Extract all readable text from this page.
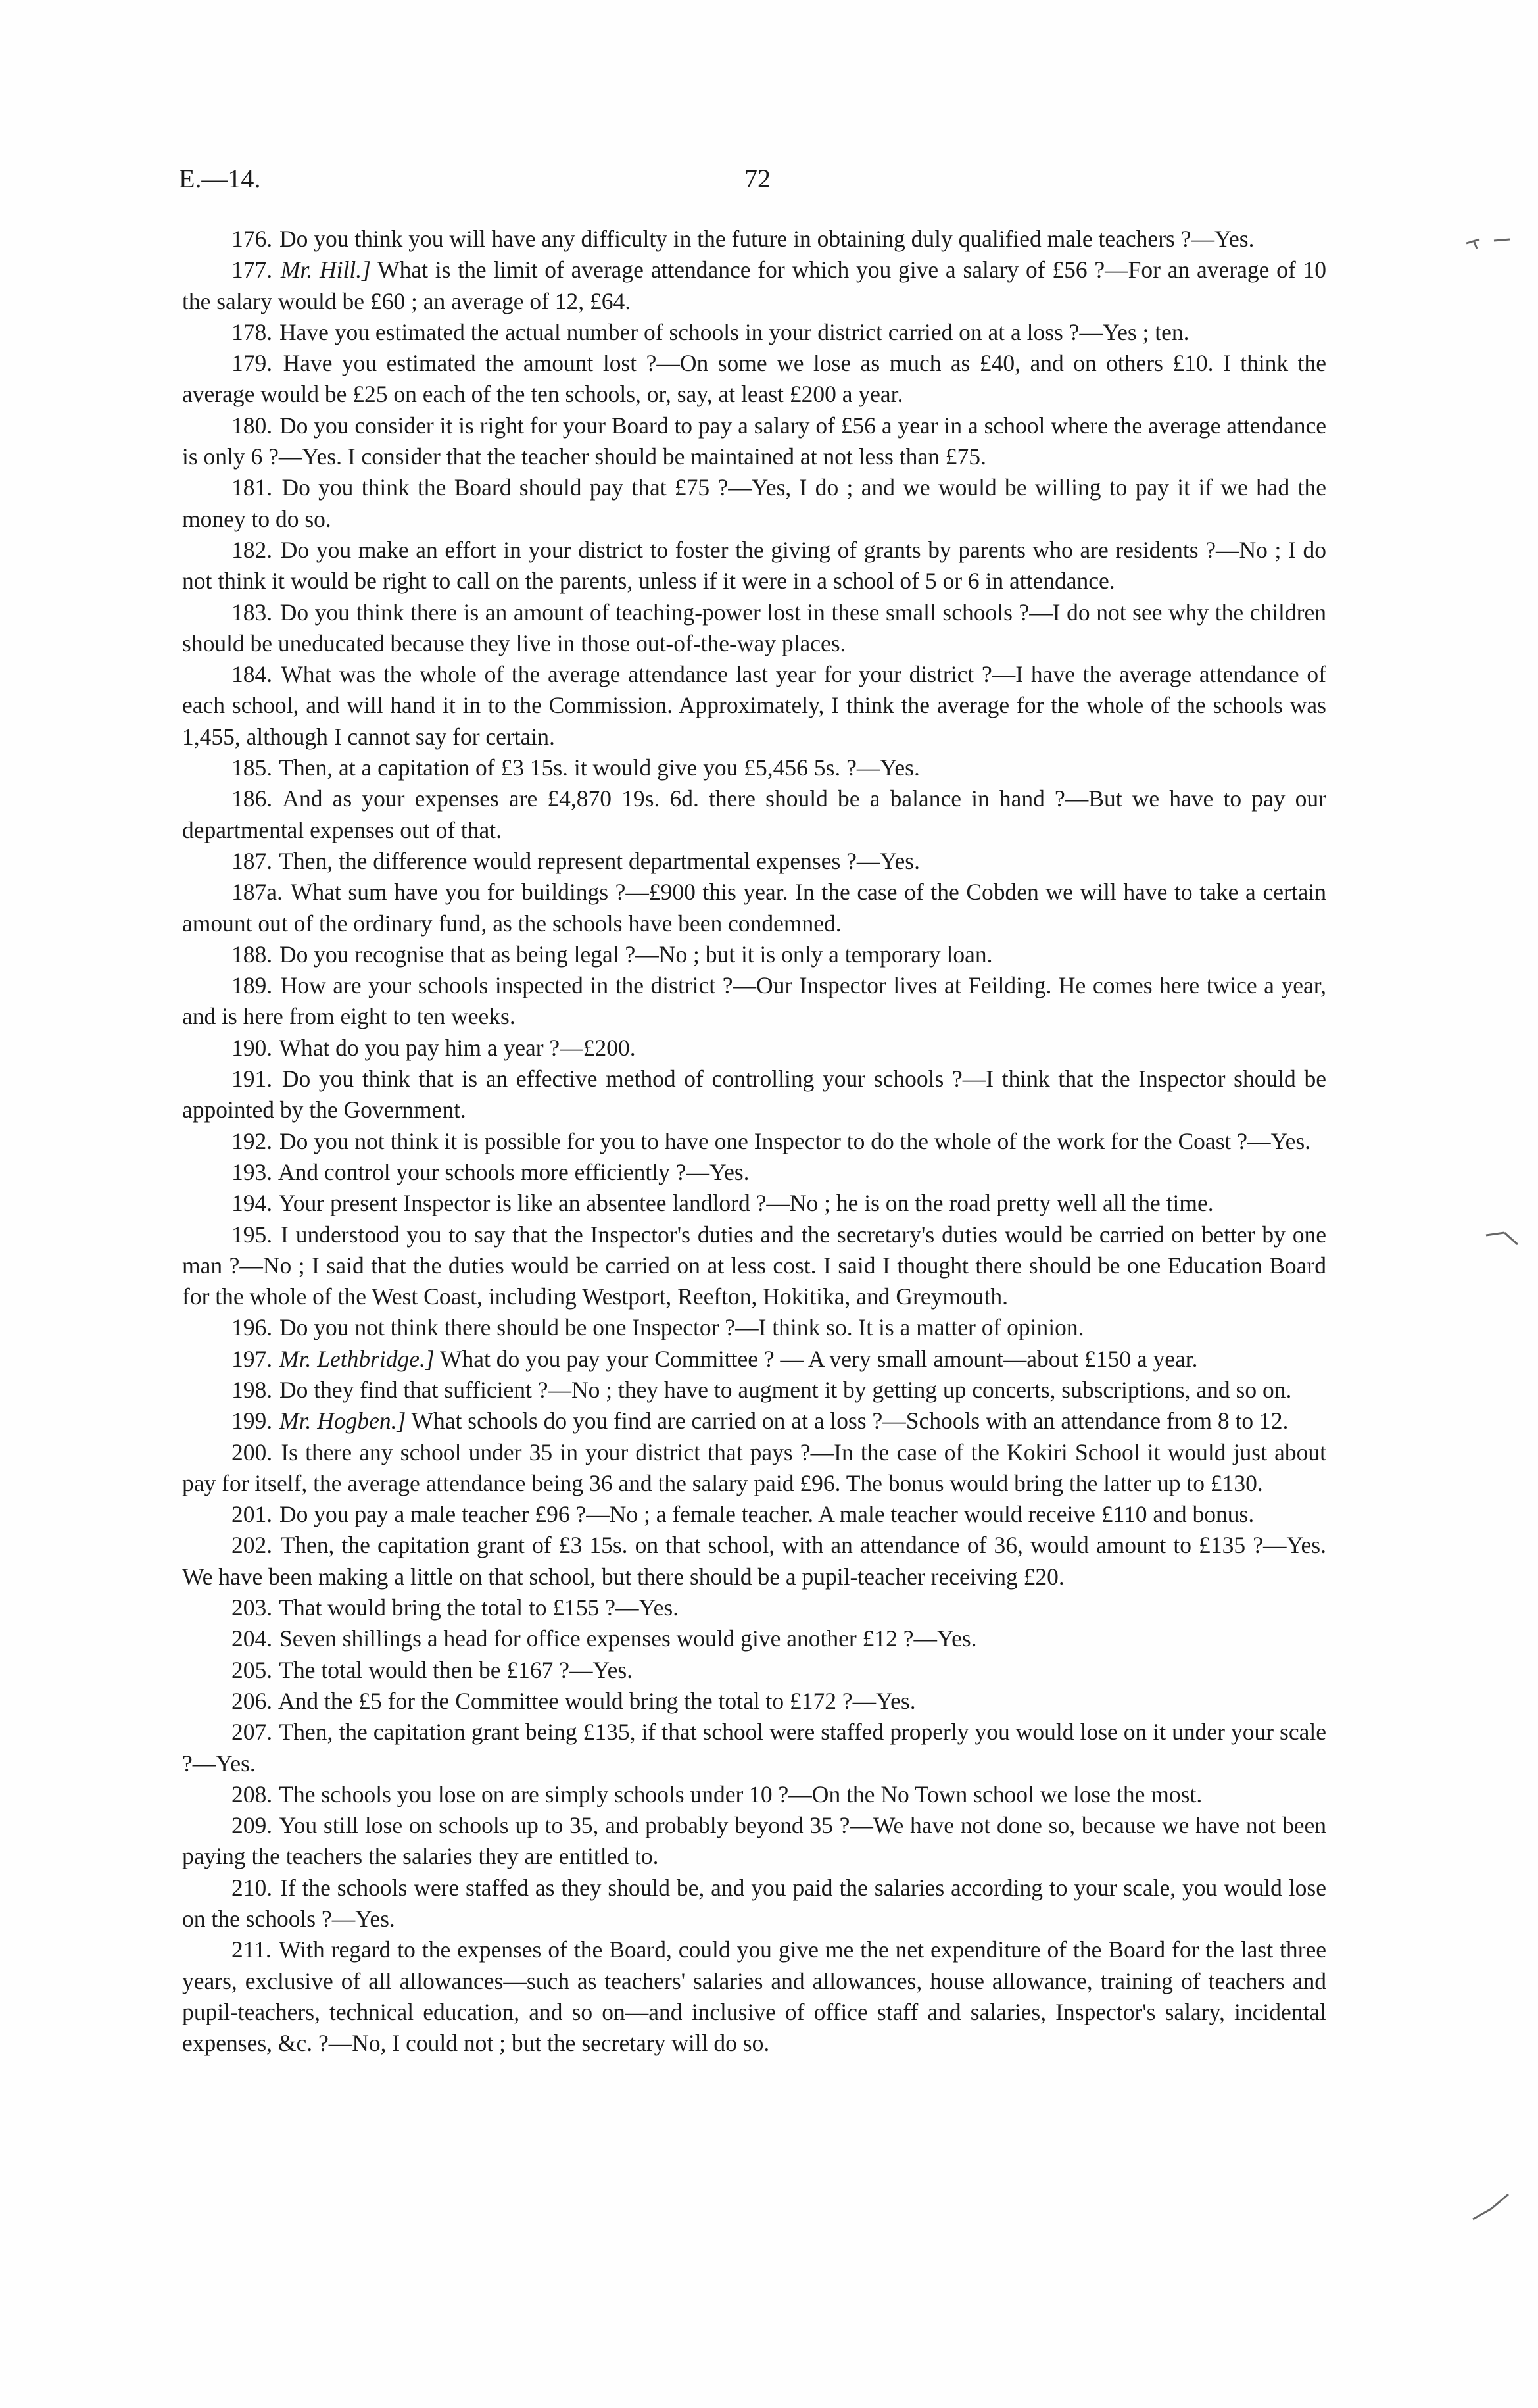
E.—14.	72

176. Do you think you will have any difficulty in the future in obtaining duly qualified male teachers ?—Yes.

177. Mr. Hill.] What is the limit of average attendance for which you give a salary of £56 ?—For an average of 10 the salary would be £60 ; an average of 12, £64.

178. Have you estimated the actual number of schools in your district carried on at a loss ?—Yes ; ten.

179. Have you estimated the amount lost ?—On some we lose as much as £40, and on others £10. I think the average would be £25 on each of the ten schools, or, say, at least £200 a year.

180. Do you consider it is right for your Board to pay a salary of £56 a year in a school where the average attendance is only 6 ?—Yes. I consider that the teacher should be maintained at not less than £75.

181. Do you think the Board should pay that £75 ?—Yes, I do ; and we would be willing to pay it if we had the money to do so.

182. Do you make an effort in your district to foster the giving of grants by parents who are residents ?—No ; I do not think it would be right to call on the parents, unless if it were in a school of 5 or 6 in attendance.

183. Do you think there is an amount of teaching-power lost in these small schools ?—I do not see why the children should be uneducated because they live in those out-of-the-way places.

184. What was the whole of the average attendance last year for your district ?—I have the average attendance of each school, and will hand it in to the Commission. Approximately, I think the average for the whole of the schools was 1,455, although I cannot say for certain.

185. Then, at a capitation of £3 15s. it would give you £5,456 5s. ?—Yes.

186. And as your expenses are £4,870 19s. 6d. there should be a balance in hand ?—But we have to pay our departmental expenses out of that.

187. Then, the difference would represent departmental expenses ?—Yes.

187a. What sum have you for buildings ?—£900 this year. In the case of the Cobden we will have to take a certain amount out of the ordinary fund, as the schools have been condemned.

188. Do you recognise that as being legal ?—No ; but it is only a temporary loan.

189. How are your schools inspected in the district ?—Our Inspector lives at Feilding. He comes here twice a year, and is here from eight to ten weeks.

190. What do you pay him a year ?—£200.

191. Do you think that is an effective method of controlling your schools ?—I think that the Inspector should be appointed by the Government.

192. Do you not think it is possible for you to have one Inspector to do the whole of the work for the Coast ?—Yes.

193. And control your schools more efficiently ?—Yes.

194. Your present Inspector is like an absentee landlord ?—No ; he is on the road pretty well all the time.

195. I understood you to say that the Inspector's duties and the secretary's duties would be carried on better by one man ?—No ; I said that the duties would be carried on at less cost. I said I thought there should be one Education Board for the whole of the West Coast, including Westport, Reefton, Hokitika, and Greymouth.

196. Do you not think there should be one Inspector ?—I think so. It is a matter of opinion.

197. Mr. Lethbridge.] What do you pay your Committee ? — A very small amount—about £150 a year.

198. Do they find that sufficient ?—No ; they have to augment it by getting up concerts, subscriptions, and so on.

199. Mr. Hogben.] What schools do you find are carried on at a loss ?—Schools with an attendance from 8 to 12.

200. Is there any school under 35 in your district that pays ?—In the case of the Kokiri School it would just about pay for itself, the average attendance being 36 and the salary paid £96. The bonus would bring the latter up to £130.

201. Do you pay a male teacher £96 ?—No ; a female teacher. A male teacher would receive £110 and bonus.

202. Then, the capitation grant of £3 15s. on that school, with an attendance of 36, would amount to £135 ?—Yes. We have been making a little on that school, but there should be a pupil-teacher receiving £20.

203. That would bring the total to £155 ?—Yes.

204. Seven shillings a head for office expenses would give another £12 ?—Yes.

205. The total would then be £167 ?—Yes.

206. And the £5 for the Committee would bring the total to £172 ?—Yes.

207. Then, the capitation grant being £135, if that school were staffed properly you would lose on it under your scale ?—Yes.

208. The schools you lose on are simply schools under 10 ?—On the No Town school we lose the most.

209. You still lose on schools up to 35, and probably beyond 35 ?—We have not done so, because we have not been paying the teachers the salaries they are entitled to.

210. If the schools were staffed as they should be, and you paid the salaries according to your scale, you would lose on the schools ?—Yes.

211. With regard to the expenses of the Board, could you give me the net expenditure of the Board for the last three years, exclusive of all allowances—such as teachers' salaries and allowances, house allowance, training of teachers and pupil-teachers, technical education, and so on—and inclusive of office staff and salaries, Inspector's salary, incidental expenses, &c. ?—No, I could not ; but the secretary will do so.
